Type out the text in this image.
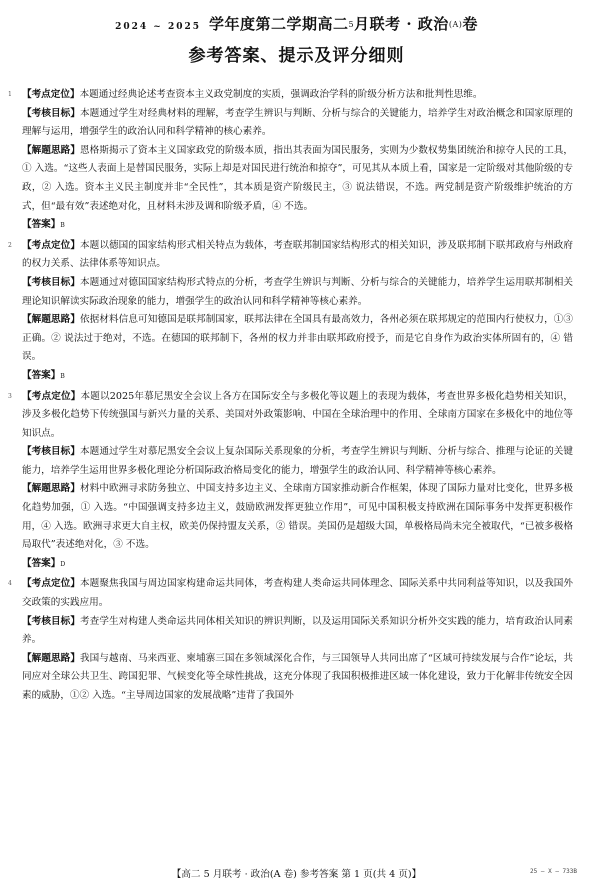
2024 ~ 2025 学年度第二学期高二5月联考 · 政治(A)卷
参考答案、提示及评分细则

1 【考点定位】本题通过经典论述考查资本主义政党制度的实质，强调政治学科的阶级分析方法和批判性思维。

【考核目标】本题通过学生对经典材料的理解，考查学生辨识与判断、分析与综合的关键能力，培养学生对政治概念和国家原理的理解与运用，增强学生的政治认同和科学精神的核心素养。

【解题思路】恩格斯揭示了资本主义国家政党的阶级本质，指出其表面为国民服务，实则为少数权势集团统治和掠夺人民的工具，① 入选。“这些人表面上是替国民服务，实际上却是对国民进行统治和掠夺”，可见其从本质上看，国家是一定阶级对其他阶级的专政，② 入选。资本主义民主制度并非“全民性”，其本质是资产阶级民主，③ 说法错误，不选。两党制是资产阶级维护统治的方式，但“最有效”表述绝对化，且材料未涉及调和阶级矛盾，④ 不选。

【答案】B

2 【考点定位】本题以德国的国家结构形式相关特点为载体，考查联邦制国家结构形式的相关知识，涉及联邦制下联邦政府与州政府的权力关系、法律体系等知识点。

【考核目标】本题通过对德国国家结构形式特点的分析，考查学生辨识与判断、分析与综合的关键能力，培养学生运用联邦制相关理论知识解读实际政治现象的能力，增强学生的政治认同和科学精神等核心素养。

【解题思路】依据材料信息可知德国是联邦制国家，联邦法律在全国具有最高效力，各州必须在联邦规定的范围内行使权力，①③ 正确。② 说法过于绝对，不选。在德国的联邦制下，各州的权力并非由联邦政府授予，而是它自身作为政治实体所固有的，④ 错误。

【答案】B

3 【考点定位】本题以2025年慕尼黑安全会议上各方在国际安全与多极化等议题上的表现为载体，考查世界多极化趋势相关知识，涉及多极化趋势下传统强国与新兴力量的关系、美国对外政策影响、中国在全球治理中的作用、全球南方国家在多极化中的地位等知识点。

【考核目标】本题通过学生对慕尼黑安全会议上复杂国际关系现象的分析，考查学生辨识与判断、分析与综合、推理与论证的关键能力，培养学生运用世界多极化理论分析国际政治格局变化的能力，增强学生的政治认同、科学精神等核心素养。

【解题思路】材料中欧洲寻求防务独立、中国支持多边主义、全球南方国家推动新合作框架，体现了国际力量对比变化，世界多极化趋势加强，① 入选。“中国强调支持多边主义，鼓励欧洲发挥更独立作用”，可见中国积极支持欧洲在国际事务中发挥更积极作用，④ 入选。欧洲寻求更大自主权，欧美仍保持盟友关系，② 错误。美国仍是超级大国，单极格局尚未完全被取代，“已被多极格局取代”表述绝对化，③ 不选。

【答案】D

4 【考点定位】本题聚焦我国与周边国家构建命运共同体，考查构建人类命运共同体理念、国际关系中共同利益等知识，以及我国外交政策的实践应用。

【考核目标】考查学生对构建人类命运共同体相关知识的辨识判断，以及运用国际关系知识分析外交实践的能力，培育政治认同素养。

【解题思路】我国与越南、马来西亚、柬埔寨三国在多领域深化合作，与三国领导人共同出席了“区域可持续发展与合作”论坛，共同应对全球公共卫生、跨国犯罪、气候变化等全球性挑战，这充分体现了我国积极推进区域一体化建设，致力于化解非传统安全因素的威胁，①② 入选。“主导周边国家的发展战略”违背了我国外

【高二 5 月联考 · 政治(A 卷) 参考答案 第 1 页(共 4 页)】	25 — X — 733B
